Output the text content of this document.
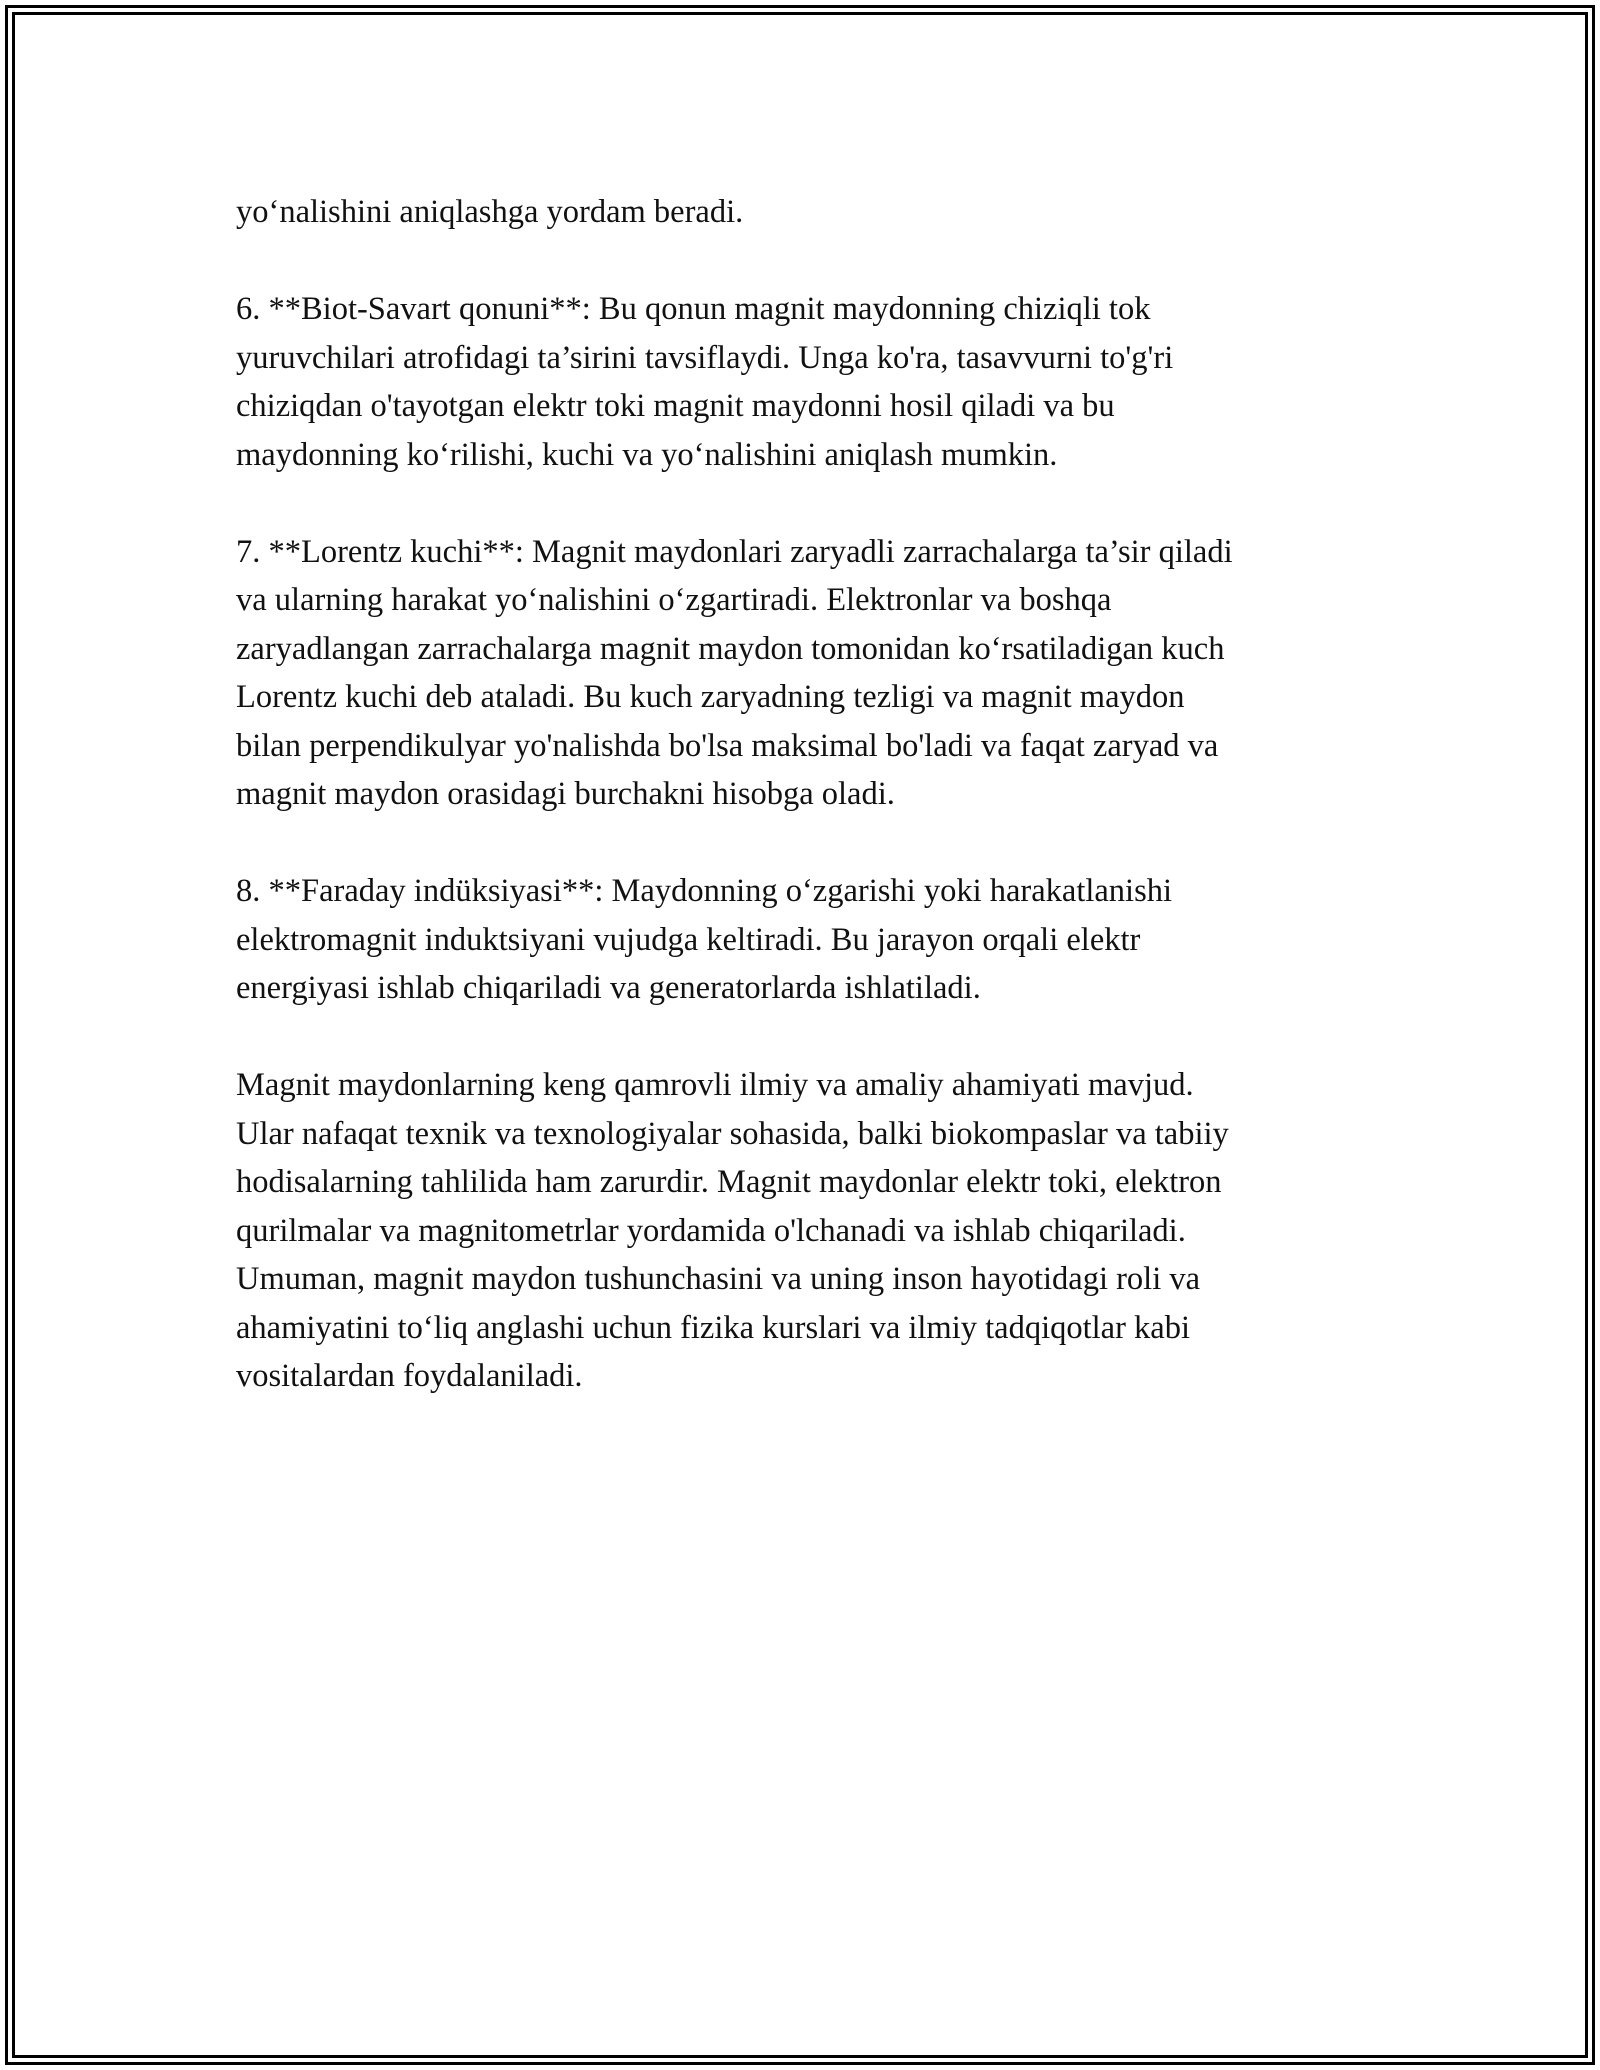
yo‘nalishini aniqlashga yordam beradi.

6. **Biot-Savart qonuni**: Bu qonun magnit maydonning chiziqli tok
yuruvchilari atrofidagi ta’sirini tavsiflaydi. Unga ko'ra, tasavvurni to'g'ri
chiziqdan o'tayotgan elektr toki magnit maydonni hosil qiladi va bu
maydonning ko‘rilishi, kuchi va yo‘nalishini aniqlash mumkin.

7. **Lorentz kuchi**: Magnit maydonlari zaryadli zarrachalarga ta’sir qiladi
va ularning harakat yo‘nalishini o‘zgartiradi. Elektronlar va boshqa
zaryadlangan zarrachalarga magnit maydon tomonidan ko‘rsatiladigan kuch
Lorentz kuchi deb ataladi. Bu kuch zaryadning tezligi va magnit maydon
bilan perpendikulyar yo'nalishda bo'lsa maksimal bo'ladi va faqat zaryad va
magnit maydon orasidagi burchakni hisobga oladi.

8. **Faraday indüksiyasi**: Maydonning o‘zgarishi yoki harakatlanishi
elektromagnit induktsiyani vujudga keltiradi. Bu jarayon orqali elektr
energiyasi ishlab chiqariladi va generatorlarda ishlatiladi.

Magnit maydonlarning keng qamrovli ilmiy va amaliy ahamiyati mavjud.
Ular nafaqat texnik va texnologiyalar sohasida, balki biokompaslar va tabiiy
hodisalarning tahlilida ham zarurdir. Magnit maydonlar elektr toki, elektron
qurilmalar va magnitometrlar yordamida o'lchanadi va ishlab chiqariladi.
Umuman, magnit maydon tushunchasini va uning inson hayotidagi roli va
ahamiyatini to‘liq anglashi uchun fizika kurslari va ilmiy tadqiqotlar kabi
vositalardan foydalaniladi.
